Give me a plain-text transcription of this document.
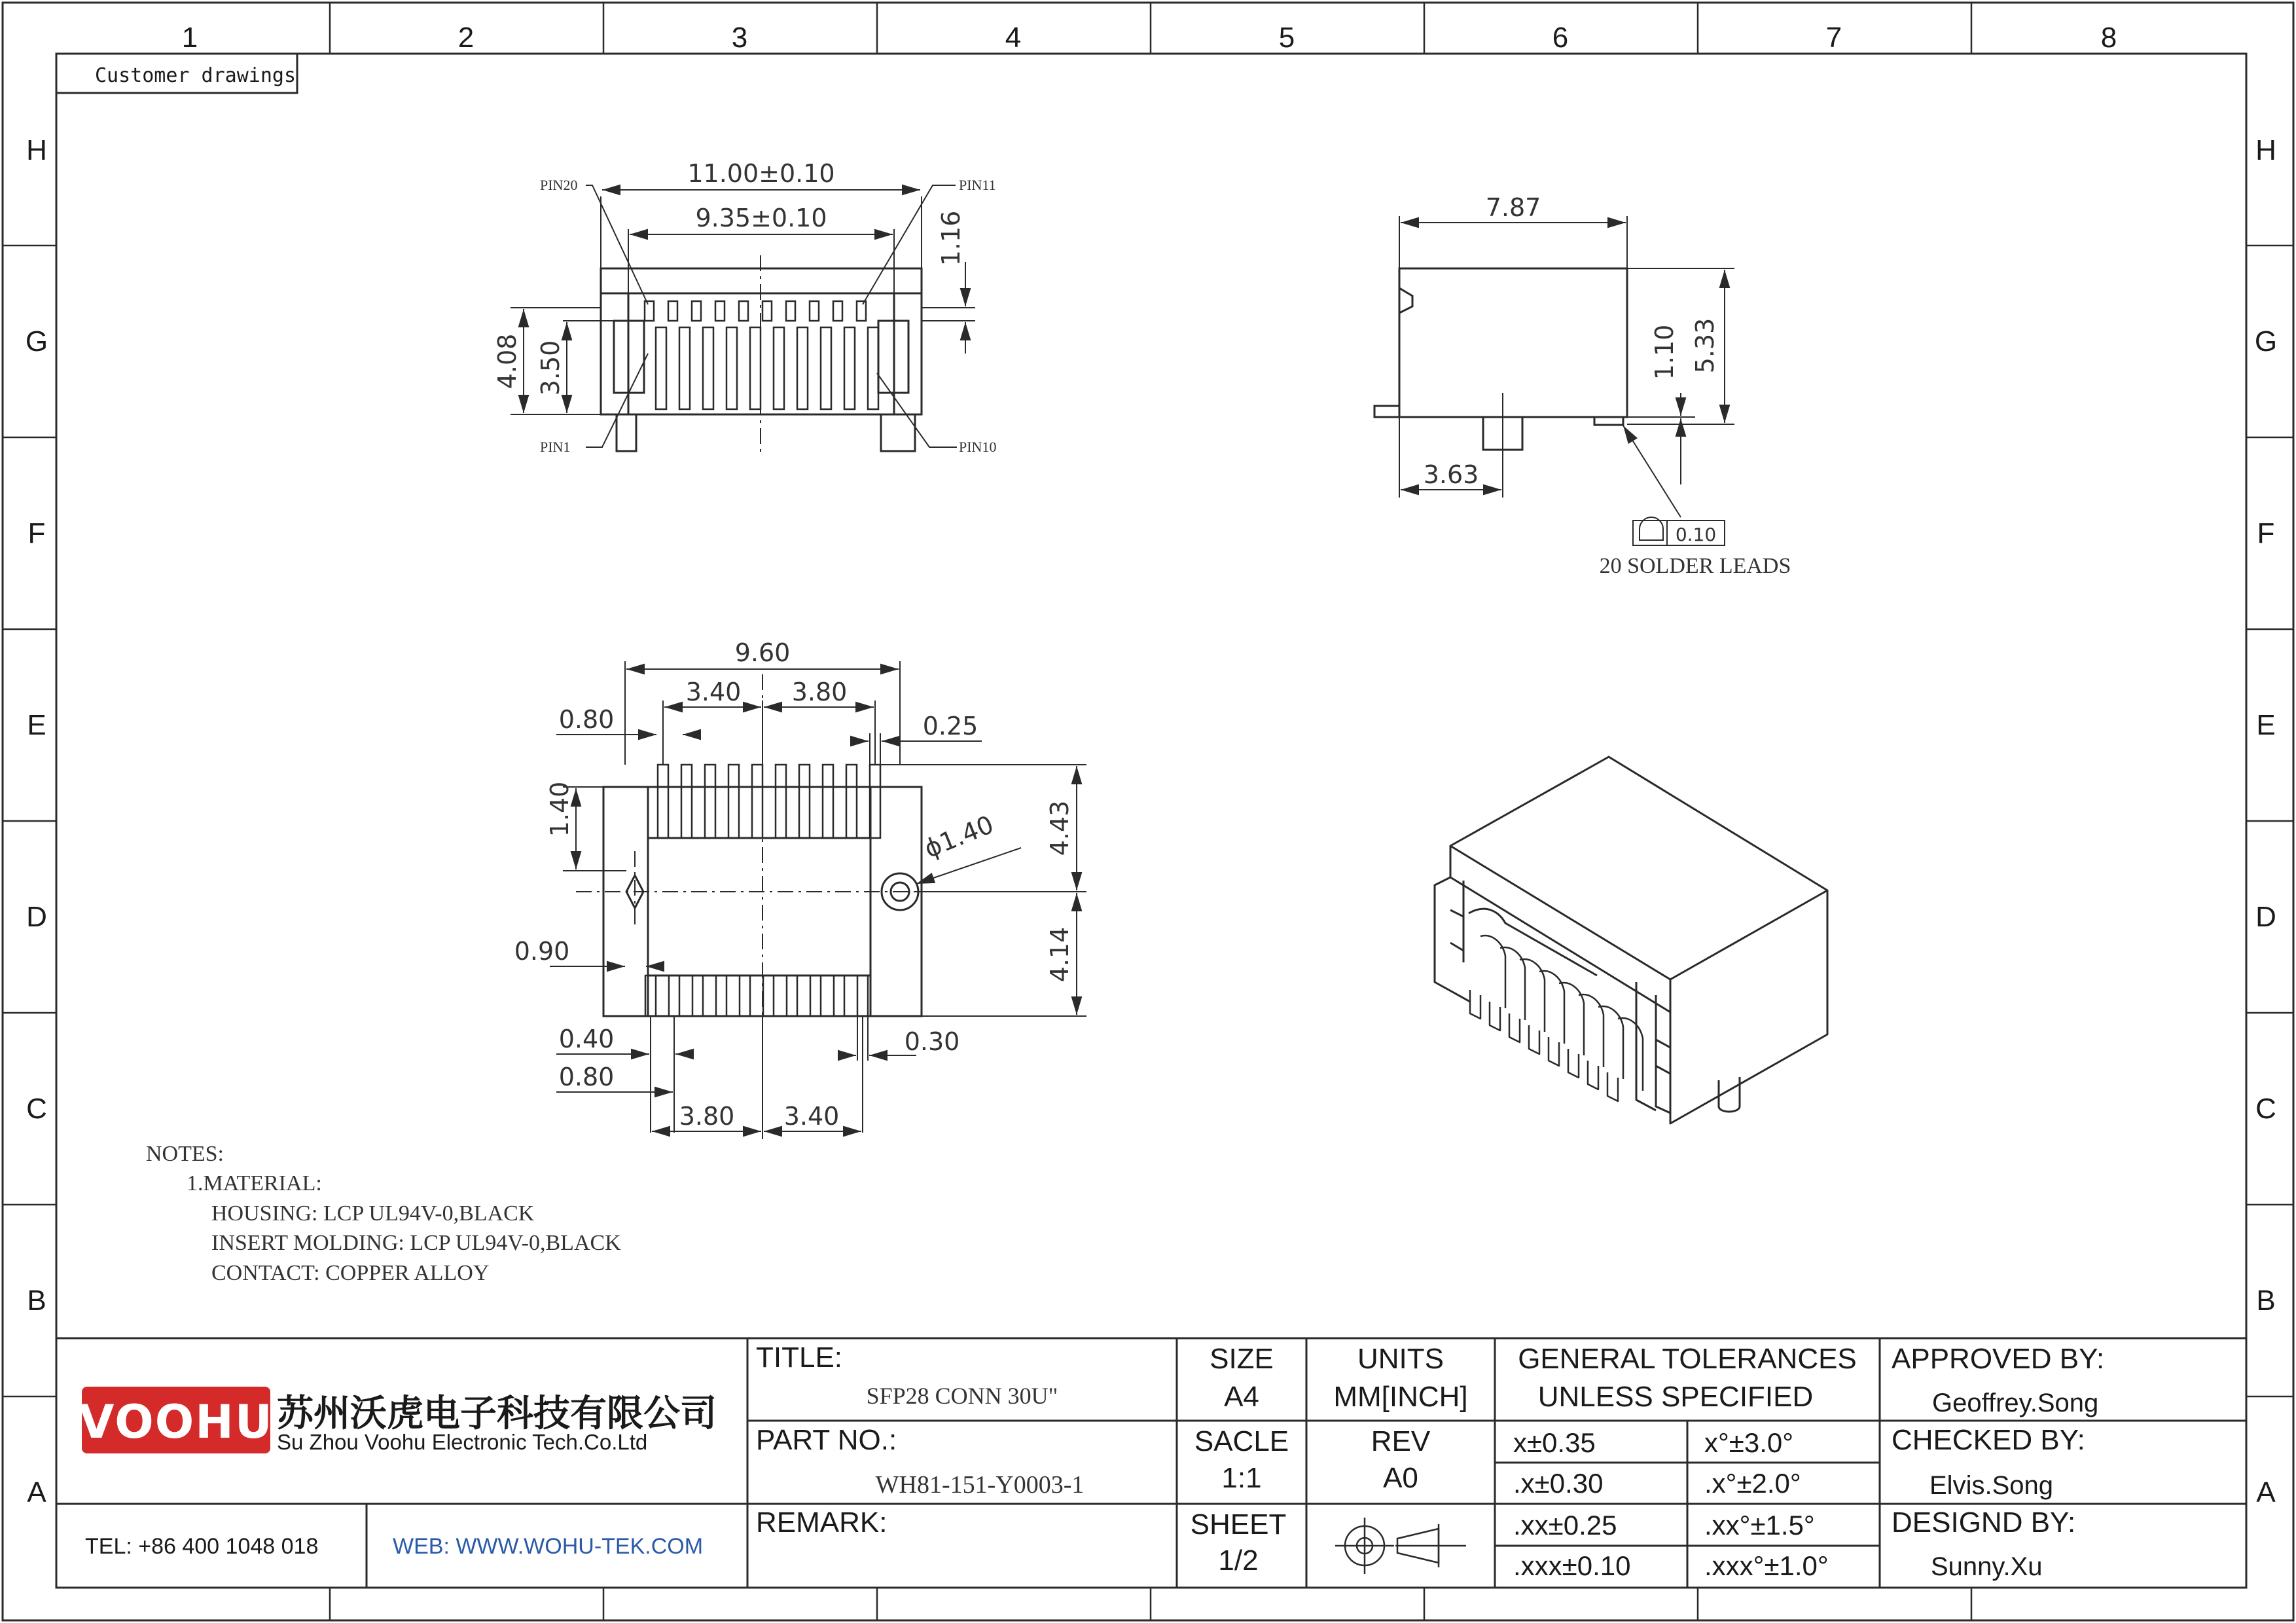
1	2	3	4	5	6	7	8
H
G
F
E
D
C
B
A
H
G
F
E
D
C
B
A
Customer drawings
11.00±0.10
9.35±0.10	1.16
4.08 3.50
PIN20	PIN11
PIN1	PIN10
7.87
5.33
1.10
3.63
0.10
20 SOLDER LEADS
9.60
3.40 3.80
0.80	0.25
1.40	ϕ1.40 4.43
4.14
0.90
0.40
0.80
0.30
3.80 3.40
NOTES:
1.MATERIAL:
HOUSING: LCP UL94V-0,BLACK
INSERT MOLDING: LCP UL94V-0,BLACK
CONTACT: COPPER ALLOY
VOOHU 苏州沃虎电子科技有限公司
Su Zhou Voohu Electronic Tech.Co.Ltd
TEL: +86 400 1048 018	WEB: WWW.WOHU-TEK.COM
TITLE:
SFP28 CONN 30U"
PART NO.:
WH81-151-Y0003-1
REMARK:
SIZE
A4
SACLE
1:1
SHEET
1/2
UNITS
MM[INCH]
REV
A0
GENERAL TOLERANCES
UNLESS SPECIFIED
x±0.35	x°±3.0°
.x±0.30	.x°±2.0°
.xx±0.25	.xx°±1.5°
.xxx±0.10	.xxx°±1.0°
APPROVED BY:
Geoffrey.Song
CHECKED BY:
Elvis.Song
DESIGND BY:
Sunny.Xu
